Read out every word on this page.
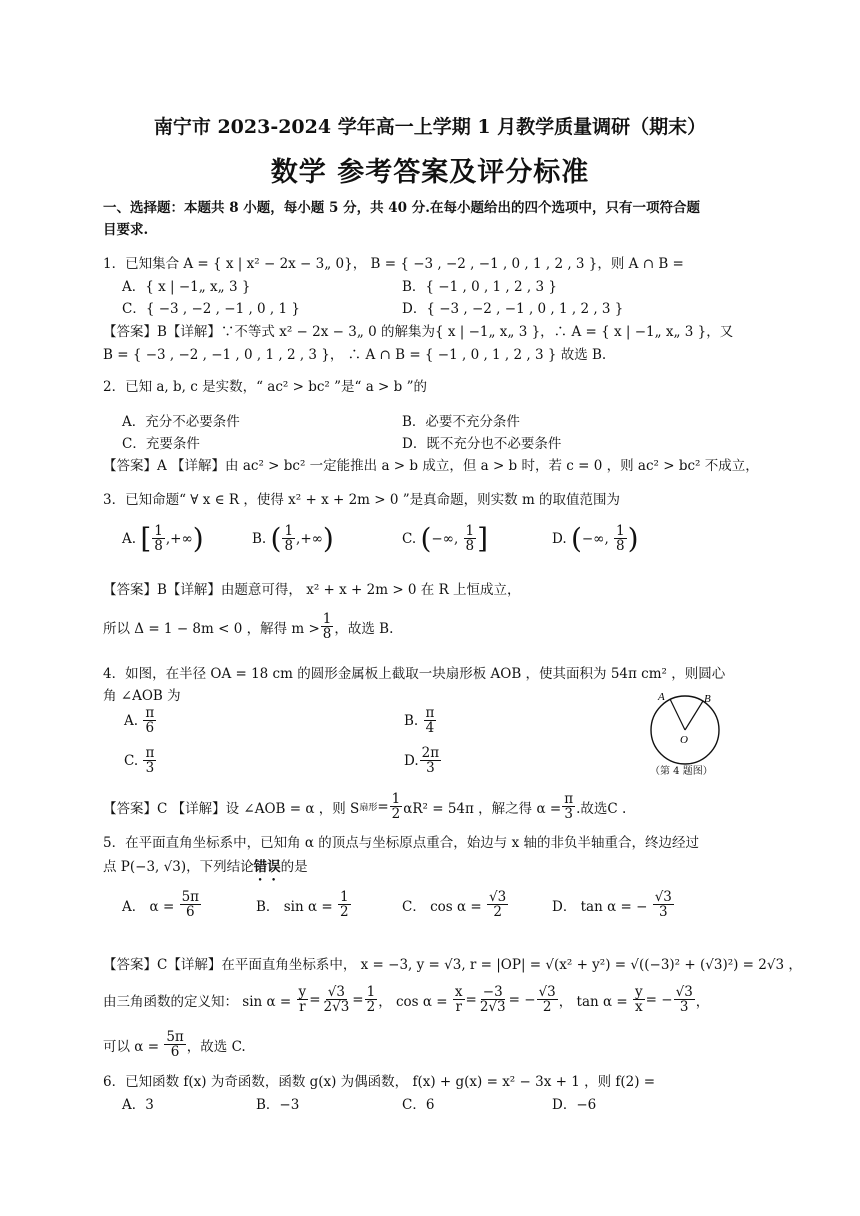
南宁市 2023-2024 学年高一上学期 1 月教学质量调研（期末）
数学 参考答案及评分标准
一、选择题：本题共 8 小题，每小题 5 分，共 40 分.在每小题给出的四个选项中，只有一项符合题
目要求.
1．已知集合 A = { x | x² − 2x − 3„ 0}， B = { −3 , −2 , −1 , 0 , 1 , 2 , 3 }，则 A ∩ B =
A．{ x | −1„ x„ 3 }	B．{ −1 , 0 , 1 , 2 , 3 }
C．{ −3 , −2 , −1 , 0 , 1 }	D．{ −3 , −2 , −1 , 0 , 1 , 2 , 3 }
【答案】B【详解】∵不等式 x² − 2x − 3„ 0 的解集为{ x | −1„ x„ 3 }，∴ A = { x | −1„ x„ 3 }，又
B = { −3 , −2 , −1 , 0 , 1 , 2 , 3 }， ∴ A ∩ B = { −1 , 0 , 1 , 2 , 3 } 故选 B.
2．已知 a, b, c 是实数，“ ac² > bc² ”是“ a > b ”的
A．充分不必要条件	B．必要不充分条件
C．充要条件	D．既不充分也不必要条件
【答案】A 【详解】由 ac² > bc² 一定能推出 a > b 成立，但 a > b 时，若 c = 0 ，则 ac² > bc² 不成立，
3．已知命题“ ∀ x ∈ R ，使得 x² + x + 2m > 0 ”是真命题，则实数 m 的取值范围为
A.
[ $\frac{1}{8}$ , +∞ )	B.
( $\frac{1}{8}$ , +∞ )	C.
( −∞ , $\frac{1}{8}$ ]	D.
( −∞ , $\frac{1}{8}$ )
【答案】B【详解】由题意可得， x² + x + 2m > 0 在 R 上恒成立，
所以 Δ = 1 − 8m < 0 ，解得 $m > \frac{1}{8}$ ，故选 B.
4．如图，在半径 OA = 18 cm 的圆形金属板上截取一块扇形板 AOB ，使其面积为 54π cm² ，则圆心
角 ∠AOB 为
A.
$\frac{\pi}{6}$	B.
$\frac{\pi}{4}$
C.
$\frac{\pi}{3}$	D. $\frac{2\pi}{3}$
A	B
O
（第 4 题图）
【答案】C 【详解】设 ∠AOB = α ，则 S 扇形 = $\frac{1}{2} \alpha R^2 = 54\pi$ ，解之得 $\alpha = \frac{\pi}{3}$ .故选C .
5．在平面直角坐标系中，已知角 α 的顶点与坐标原点重合，始边与 x 轴的非负半轴重合，终边经过
点 P(−3, √3)，下列结论错误的是
A． α =
$\frac{5\pi}{6}$	B． sin α =
$\frac{1}{2}$	C． cos α =
$\frac{√3}{2}$	D． tan α = −
$\frac{√3}{3}$
【答案】C【详解】在平面直角坐标系中， x = −3, y = √3, r = |OP| = √(x² + y²) = √((−3)² + (√3)²) = 2√3 ，
由三角函数的定义知： sin α =
$\frac{y}{r} = \frac{√3}{2√3} = \frac{1}{2}$ ， cos α =
$\frac{x}{r} = \frac{-3}{2√3}$ = − $\frac{√3}{2}$ ， tan α =
$\frac{y}{x}$ = − $\frac{√3}{3}$ ，
可以 α =
$\frac{5\pi}{6}$ ，故选 C.
6．已知函数 f(x) 为奇函数，函数 g(x) 为偶函数， f(x) + g(x) = x² − 3x + 1 ，则 f(2) =
A．3	B．−3	C．6	D．−6
